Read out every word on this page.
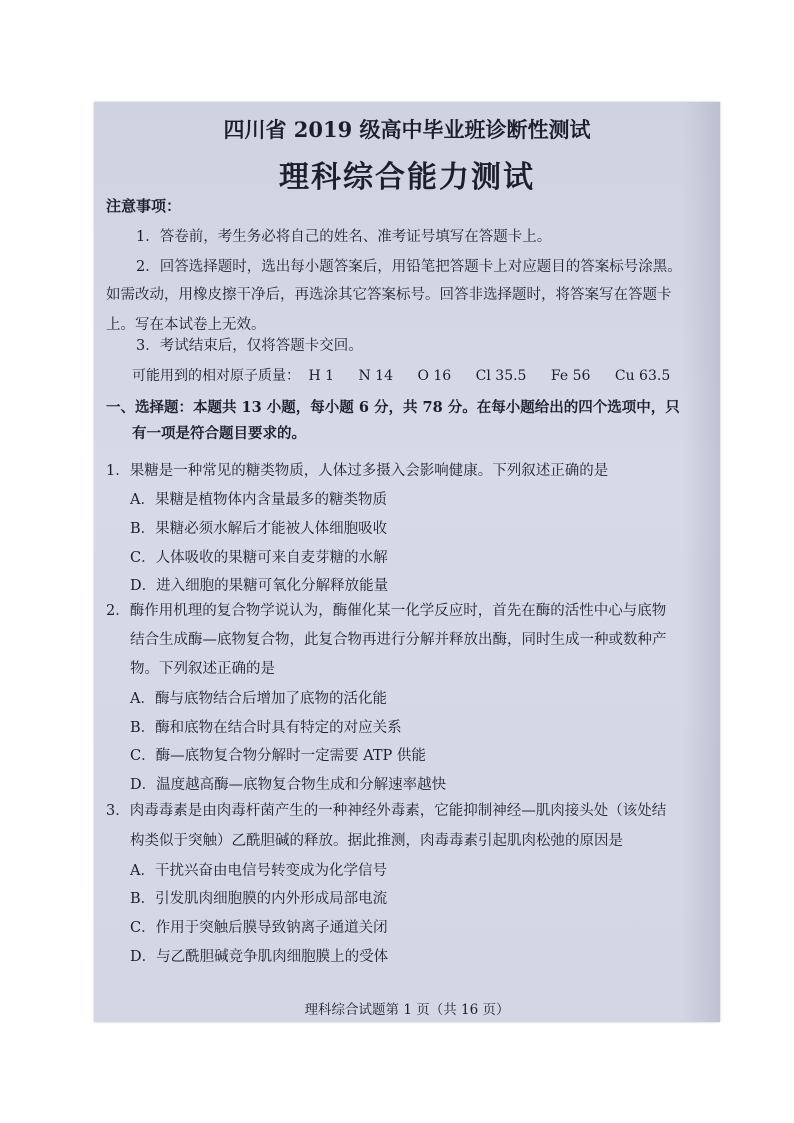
四川省 2019 级高中毕业班诊断性测试
理科综合能力测试
注意事项：
1．答卷前，考生务必将自己的姓名、准考证号填写在答题卡上。
2．回答选择题时，选出每小题答案后，用铅笔把答题卡上对应题目的答案标号涂黑。
如需改动，用橡皮擦干净后，再选涂其它答案标号。回答非选择题时，将答案写在答题卡
上。写在本试卷上无效。
3．考试结束后，仅将答题卡交回。
可能用到的相对原子质量： H 1 N 14 O 16 Cl 35.5 Fe 56 Cu 63.5
一、选择题：本题共 13 小题，每小题 6 分，共 78 分。在每小题给出的四个选项中，只
有一项是符合题目要求的。
1．果糖是一种常见的糖类物质，人体过多摄入会影响健康。下列叙述正确的是
A．果糖是植物体内含量最多的糖类物质
B．果糖必须水解后才能被人体细胞吸收
C．人体吸收的果糖可来自麦芽糖的水解
D．进入细胞的果糖可氧化分解释放能量
2．酶作用机理的复合物学说认为，酶催化某一化学反应时，首先在酶的活性中心与底物
结合生成酶—底物复合物，此复合物再进行分解并释放出酶，同时生成一种或数种产
物。下列叙述正确的是
A．酶与底物结合后增加了底物的活化能
B．酶和底物在结合时具有特定的对应关系
C．酶—底物复合物分解时一定需要 ATP 供能
D．温度越高酶—底物复合物生成和分解速率越快
3．肉毒毒素是由肉毒杆菌产生的一种神经外毒素，它能抑制神经—肌肉接头处（该处结
构类似于突触）乙酰胆碱的释放。据此推测，肉毒毒素引起肌肉松弛的原因是
A．干扰兴奋由电信号转变成为化学信号
B．引发肌肉细胞膜的内外形成局部电流
C．作用于突触后膜导致钠离子通道关闭
D．与乙酰胆碱竞争肌肉细胞膜上的受体
理科综合试题第 1 页（共 16 页）
